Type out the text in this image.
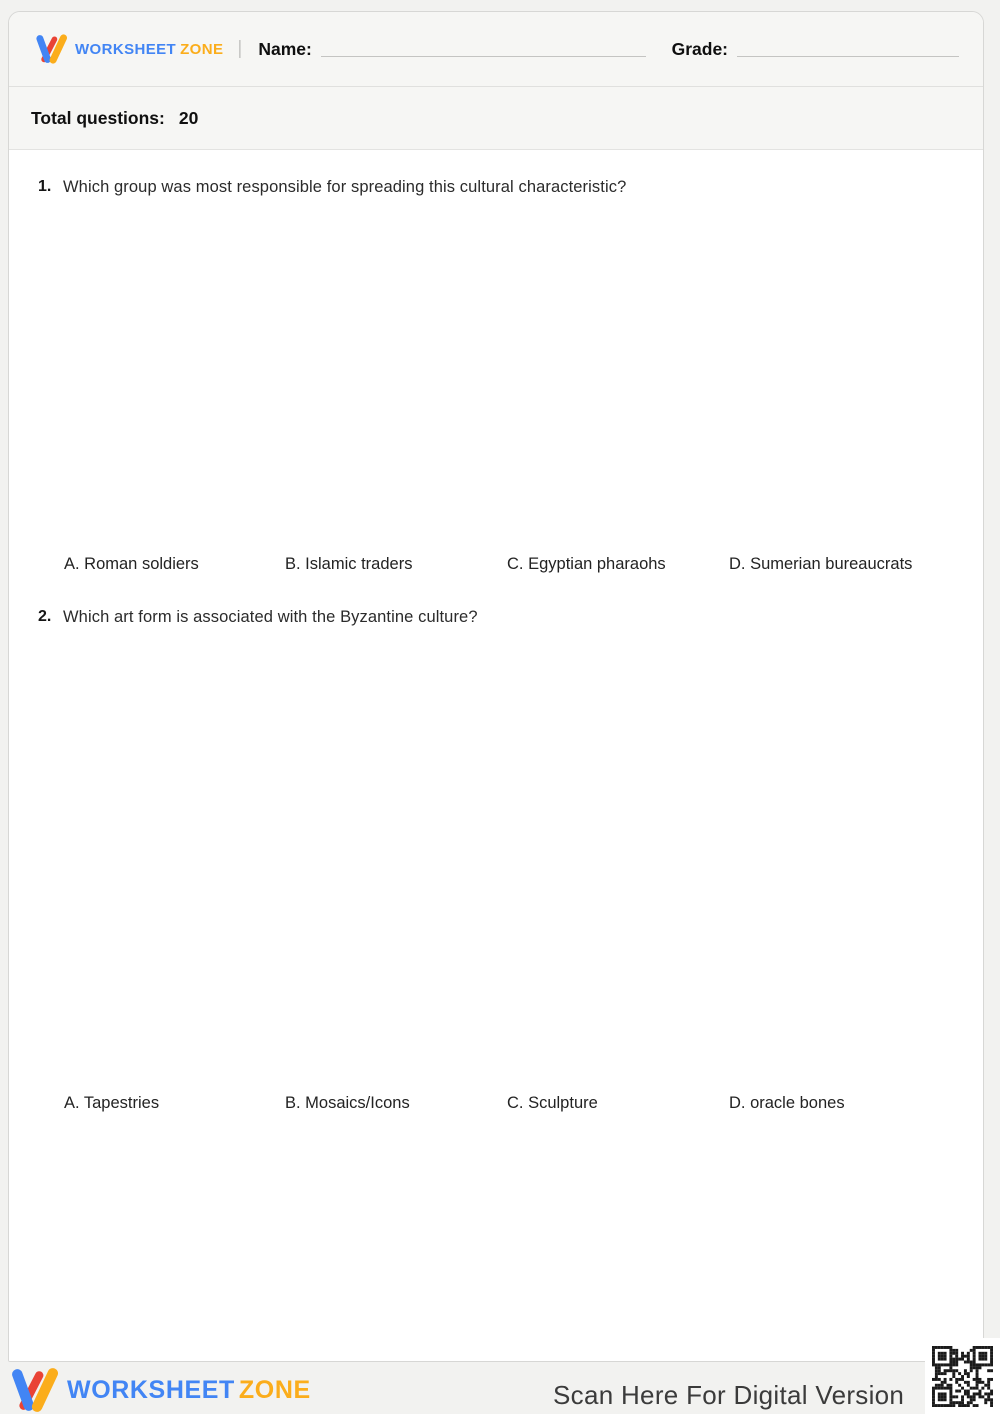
WORKSHEET ZONE | Name:	Grade:
Total questions: 20
1. Which group was most responsible for spreading this cultural characteristic?
A. Roman soldiers	B. Islamic traders	C. Egyptian pharaohs	D. Sumerian bureaucrats
2. Which art form is associated with the Byzantine culture?
A. Tapestries	B. Mosaics/Icons	C. Sculpture	D. oracle bones
WORKSHEET ZONE	Scan Here For Digital Version
